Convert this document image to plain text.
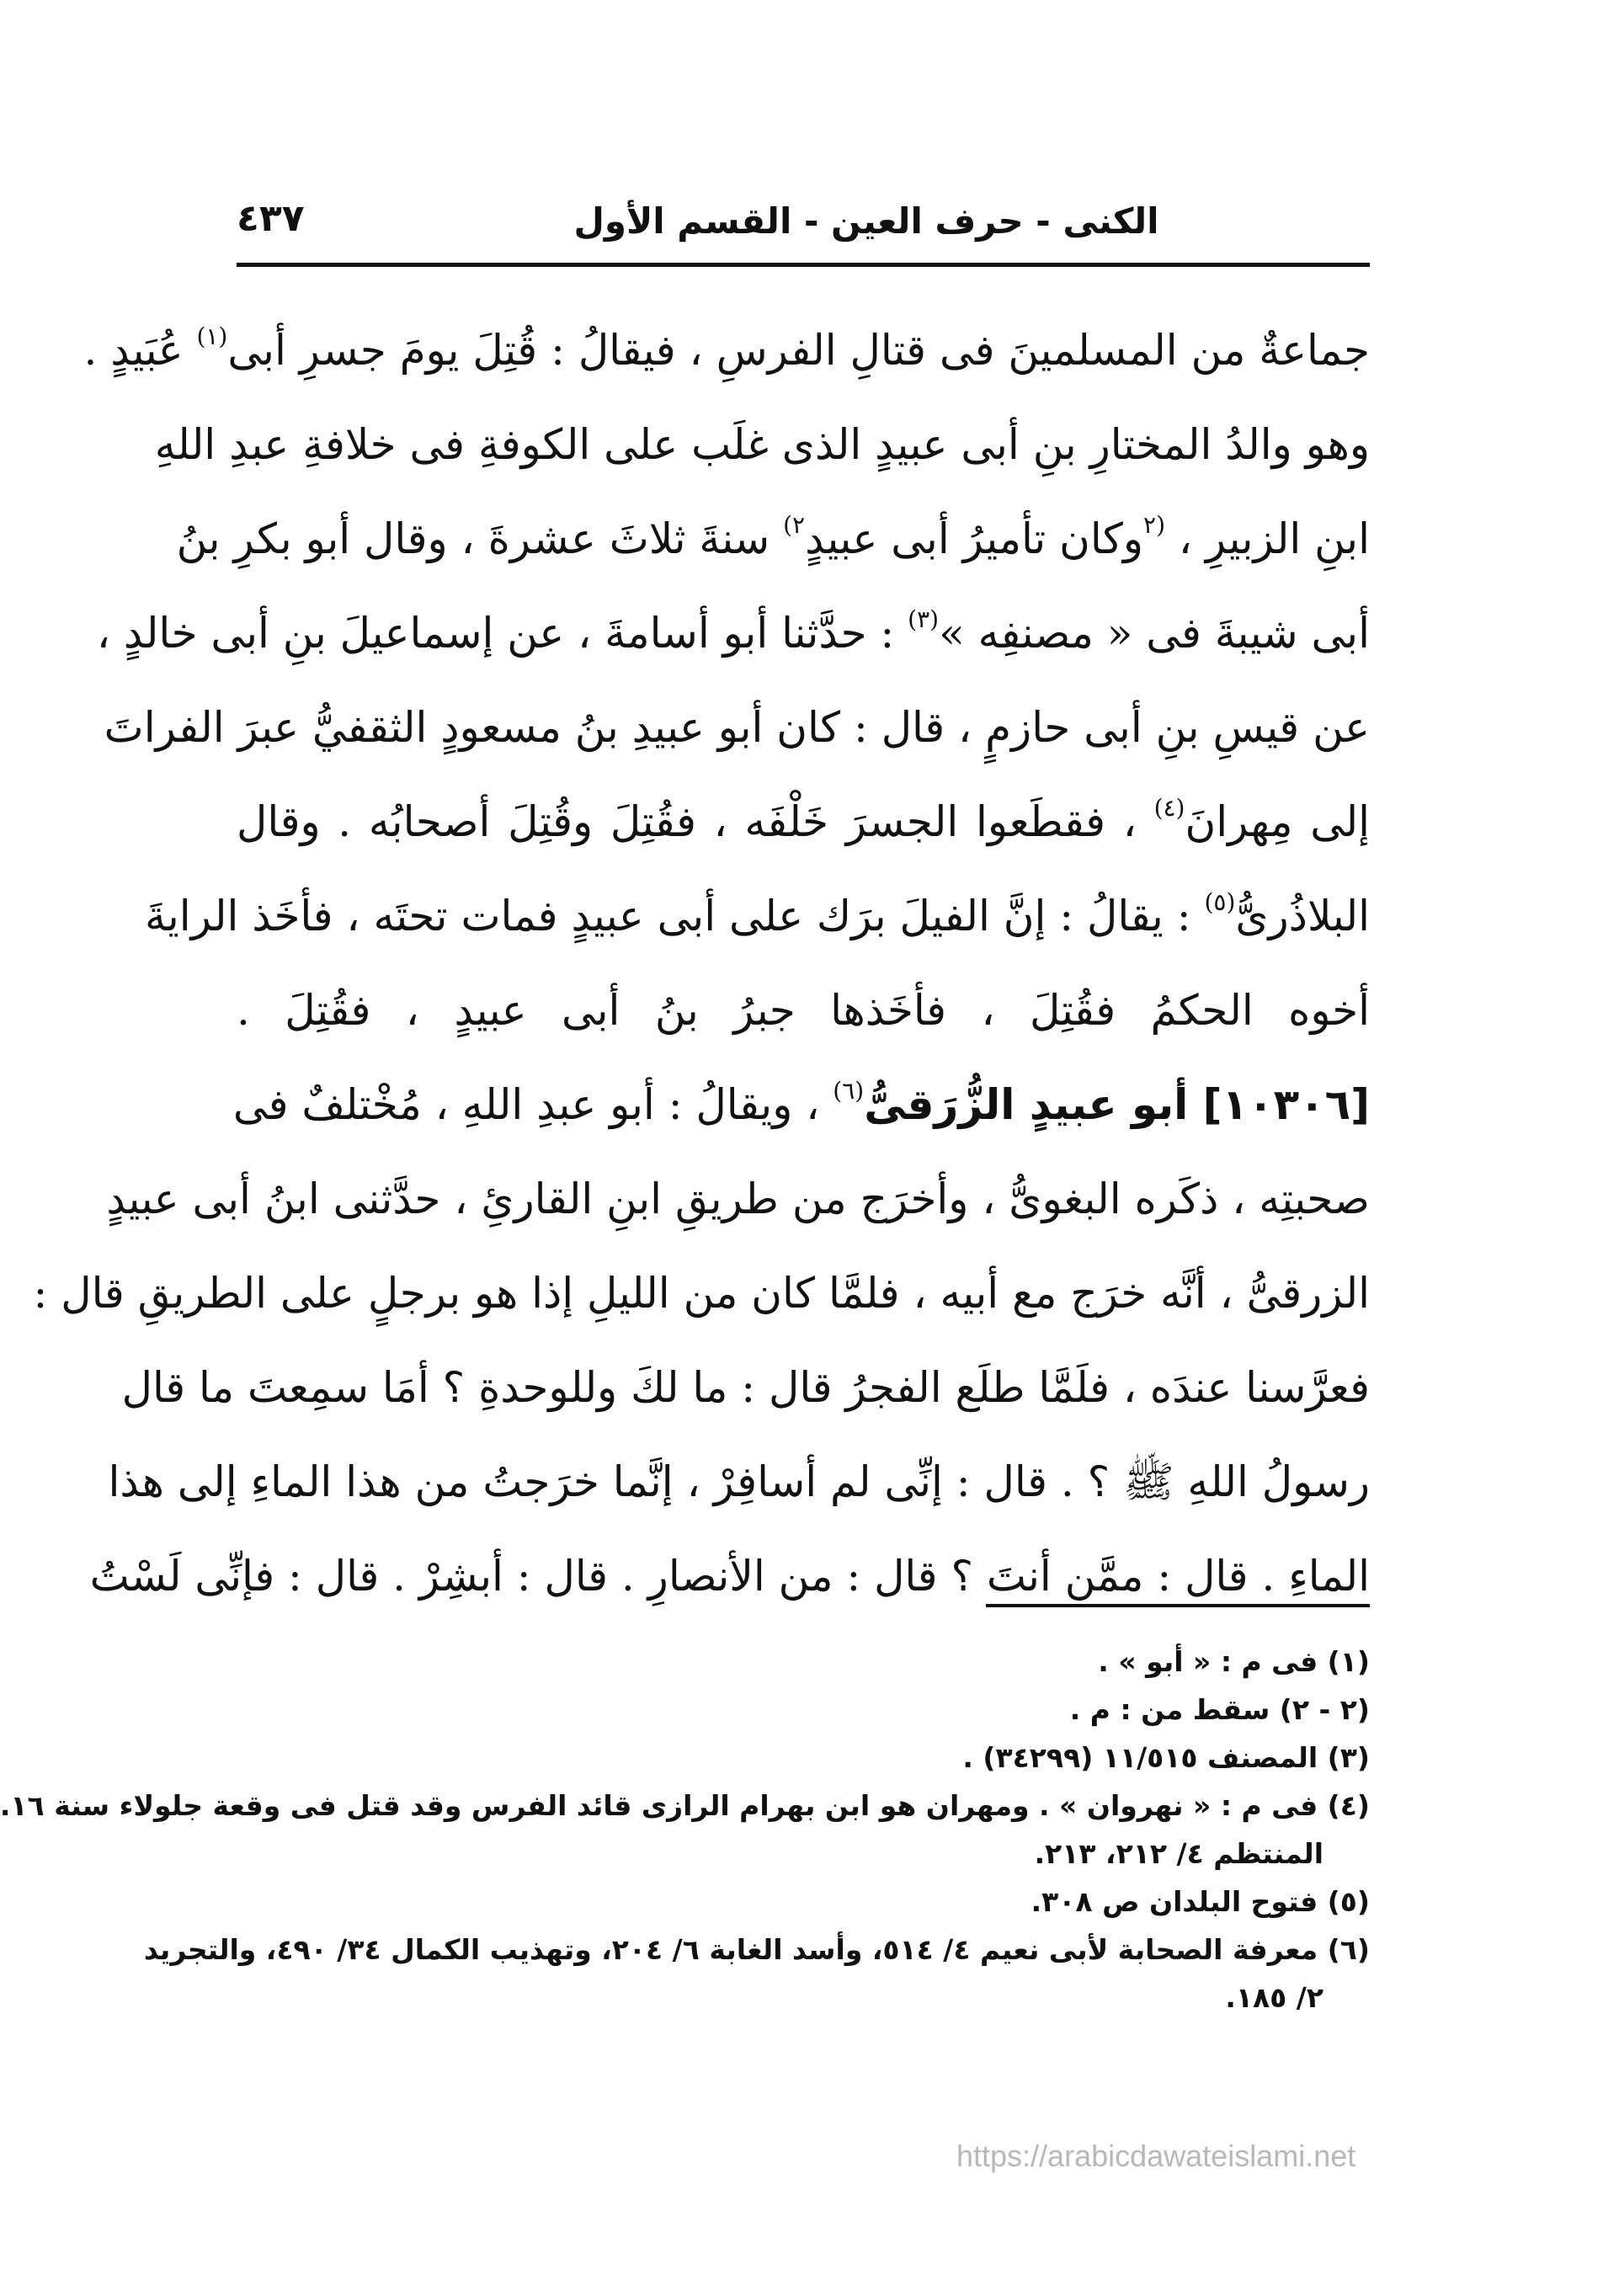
الكنى - حرف العين - القسم الأول
٤٣٧
جماعةٌ من المسلمينَ فى قتالِ الفرسِ ، فيقالُ : قُتِلَ يومَ جسرِ أبى$^{(١)}$ عُبَيدٍ .
وهو والدُ المختارِ بنِ أبى عبيدٍ الذى غلَب على الكوفةِ فى خلافةِ عبدِ اللهِ
ابنِ الزبيرِ ، $^{(٢}$وكان تأميرُ أبى عبيدٍ$^{٢)}$ سنةَ ثلاثَ عشرةَ ، وقال أبو بكرِ بنُ
أبى شيبةَ فى « مصنفِه »$^{(٣)}$ : حدَّثنا أبو أسامةَ ، عن إسماعيلَ بنِ أبى خالدٍ ،
عن قيسِ بنِ أبى حازمٍ ، قال : كان أبو عبيدِ بنُ مسعودٍ الثقفيُّ عبرَ الفراتَ
إلى مِهرانَ$^{(٤)}$ ، فقطَعوا الجسرَ خَلْفَه ، فقُتِلَ وقُتِلَ أصحابُه . وقال
البلاذُرىُّ$^{(٥)}$ : يقالُ : إنَّ الفيلَ برَك على أبى عبيدٍ فمات تحتَه ، فأخَذ الرايةَ
أخوه الحكمُ فقُتِلَ ، فأخَذها جبرُ بنُ أبى عبيدٍ ، فقُتِلَ .
[١٠٣٠٦] أبو عبيدٍ الزُّرَقىُّ$^{(٦)}$ ، ويقالُ : أبو عبدِ اللهِ ، مُخْتلفٌ فى
صحبتِه ، ذكَره البغوىُّ ، وأخرَج من طريقِ ابنِ القارئِ ، حدَّثنى ابنُ أبى عبيدٍ
الزرقىُّ ، أنَّه خرَج مع أبيه ، فلمَّا كان من الليلِ إذا هو برجلٍ على الطريقِ قال :
فعرَّسنا عندَه ، فلَمَّا طلَع الفجرُ قال : ما لكَ وللوحدةِ ؟ أمَا سمِعتَ ما قال
رسولُ اللهِ ﷺ ؟ . قال : إنِّى لم أسافِرْ ، إنَّما خرَجتُ من هذا الماءِ إلى هذا
الماءِ . قال : ممَّن أنتَ ؟ قال : من الأنصارِ . قال : أبشِرْ . قال : فإنِّى لَسْتُ
(١) فى م : « أبو » .
(٢ - ٢) سقط من : م .
(٣) المصنف ١١/٥١٥ (٣٤٢٩٩) .
(٤) فى م : « نهروان » . ومهران هو ابن بهرام الرازى قائد الفرس وقد قتل فى وقعة جلولاء سنة ١٦.
المنتظم ٤/ ٢١٢، ٢١٣.
(٥) فتوح البلدان ص ٣٠٨.
(٦) معرفة الصحابة لأبى نعيم ٤/ ٥١٤، وأسد الغابة ٦/ ٢٠٤، وتهذيب الكمال ٣٤/ ٤٩٠، والتجريد
٢/ ١٨٥.
https://arabicdawateislami.net
